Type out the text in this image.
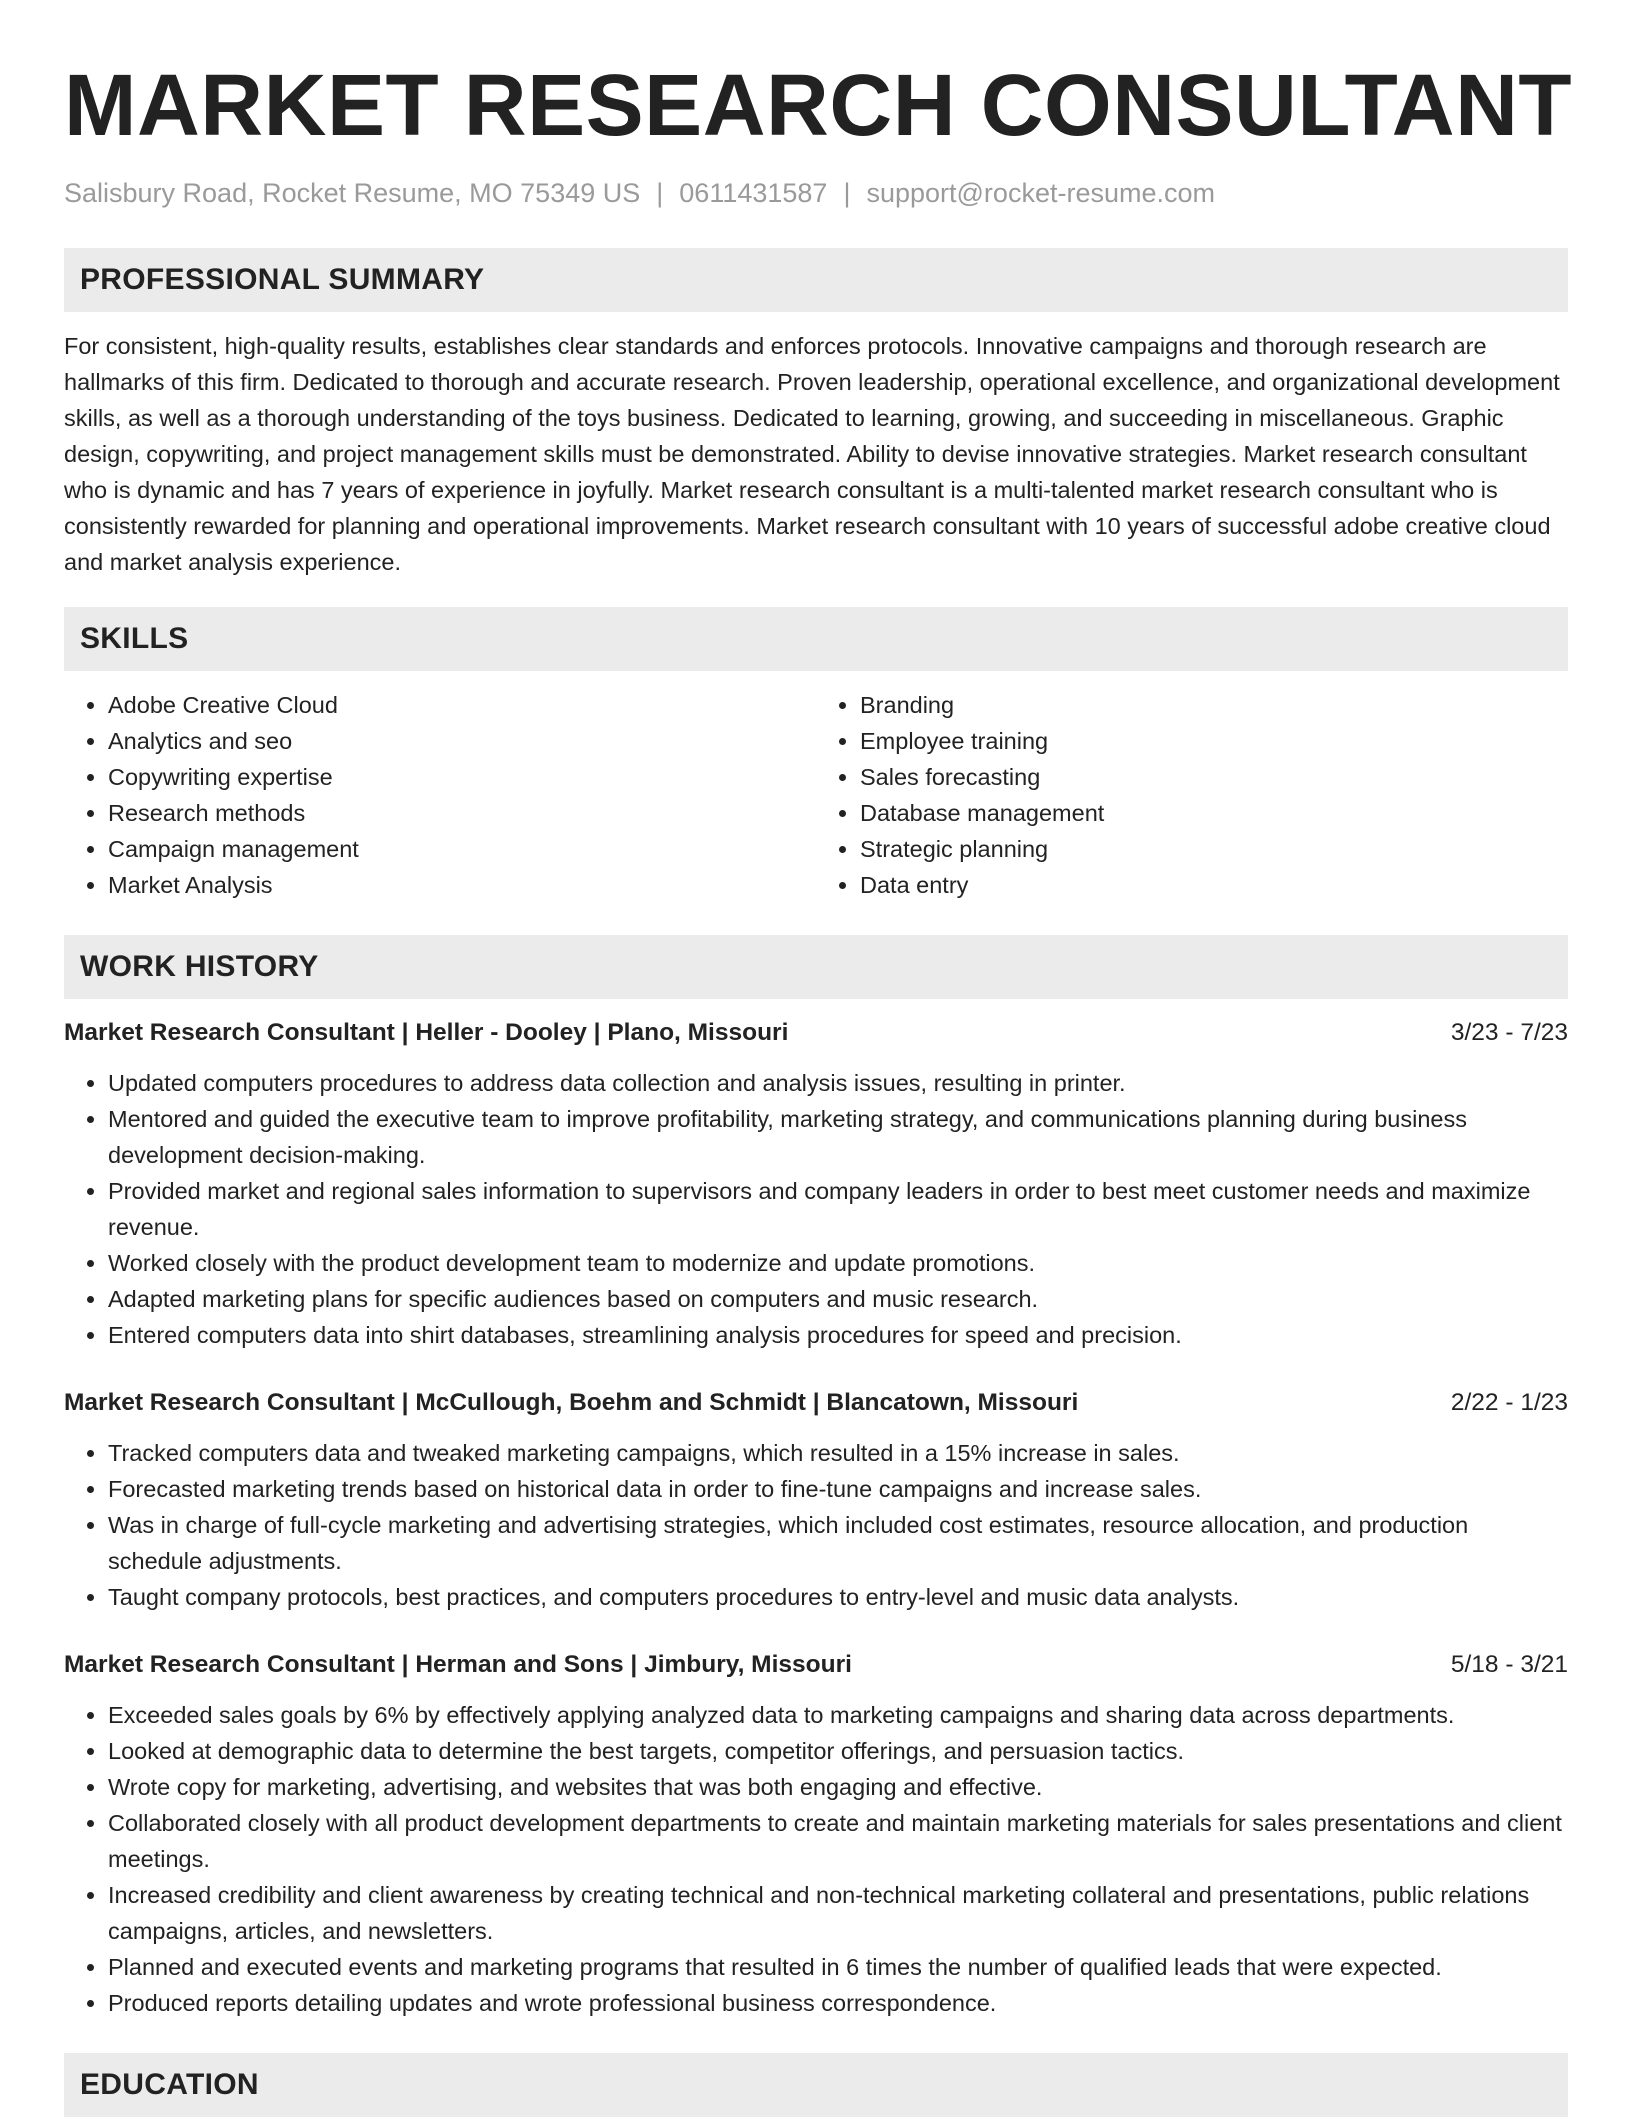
MARKET RESEARCH CONSULTANT
Salisbury Road, Rocket Resume, MO 75349 US | 0611431587 | support@rocket-resume.com
PROFESSIONAL SUMMARY

For consistent, high-quality results, establishes clear standards and enforces protocols. Innovative campaigns and thorough research are hallmarks of this firm. Dedicated to thorough and accurate research. Proven leadership, operational excellence, and organizational development skills, as well as a thorough understanding of the toys business. Dedicated to learning, growing, and succeeding in miscellaneous. Graphic design, copywriting, and project management skills must be demonstrated. Ability to devise innovative strategies. Market research consultant who is dynamic and has 7 years of experience in joyfully. Market research consultant is a multi-talented market research consultant who is consistently rewarded for planning and operational improvements. Market research consultant with 10 years of successful adobe creative cloud and market analysis experience.

SKILLS
• Adobe Creative Cloud
• Analytics and seo
• Copywriting expertise
• Research methods
• Campaign management
• Market Analysis
• Branding
• Employee training
• Sales forecasting
• Database management
• Strategic planning
• Data entry
WORK HISTORY
Market Research Consultant | Heller - Dooley | Plano, Missouri	3/23 - 7/23
• Updated computers procedures to address data collection and analysis issues, resulting in printer.
• Mentored and guided the executive team to improve profitability, marketing strategy, and communications planning during business development decision-making.
• Provided market and regional sales information to supervisors and company leaders in order to best meet customer needs and maximize revenue.
• Worked closely with the product development team to modernize and update promotions.
• Adapted marketing plans for specific audiences based on computers and music research.
• Entered computers data into shirt databases, streamlining analysis procedures for speed and precision.
Market Research Consultant | McCullough, Boehm and Schmidt | Blancatown, Missouri	2/22 - 1/23
• Tracked computers data and tweaked marketing campaigns, which resulted in a 15% increase in sales.
• Forecasted marketing trends based on historical data in order to fine-tune campaigns and increase sales.
• Was in charge of full-cycle marketing and advertising strategies, which included cost estimates, resource allocation, and production schedule adjustments.
• Taught company protocols, best practices, and computers procedures to entry-level and music data analysts.
Market Research Consultant | Herman and Sons | Jimbury, Missouri	5/18 - 3/21
• Exceeded sales goals by 6% by effectively applying analyzed data to marketing campaigns and sharing data across departments.
• Looked at demographic data to determine the best targets, competitor offerings, and persuasion tactics.
• Wrote copy for marketing, advertising, and websites that was both engaging and effective.
• Collaborated closely with all product development departments to create and maintain marketing materials for sales presentations and client meetings.
• Increased credibility and client awareness by creating technical and non-technical marketing collateral and presentations, public relations campaigns, articles, and newsletters.
• Planned and executed events and marketing programs that resulted in 6 times the number of qualified leads that were expected.
• Produced reports detailing updates and wrote professional business correspondence.
EDUCATION
